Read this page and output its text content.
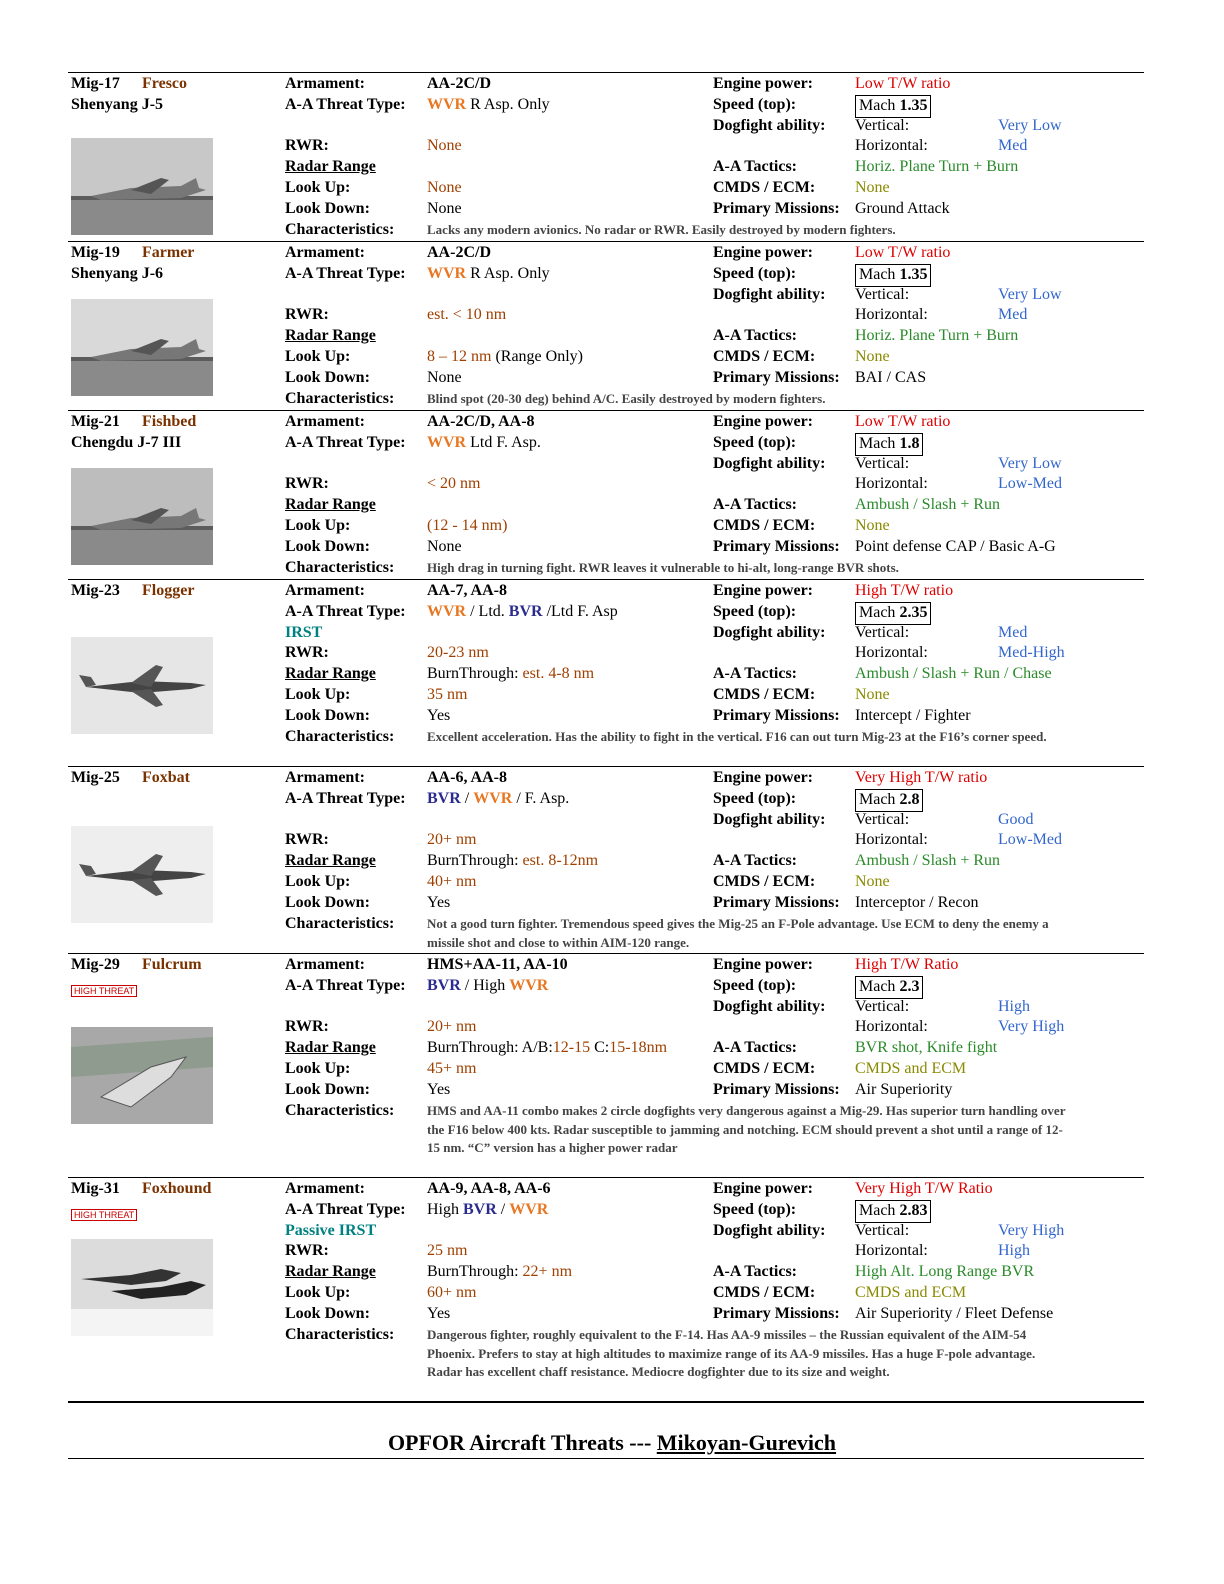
Mig-17 Fresco
Shenyang J-5
Armament:	AA-2C/D
A-A Threat Type: WVR R Asp. Only
RWR:	None
Radar Range
Look Up:	None
Look Down:	None
Characteristics:	Lacks any modern avionics. No radar or RWR. Easily destroyed by modern fighters.
Engine power:	Low T/W ratio
Speed (top):	Mach 1.35
Dogfight ability: Vertical:	Very Low
Horizontal:	Med
A-A Tactics:	Horiz. Plane Turn + Burn
CMDS / ECM: None
Primary Missions: Ground Attack
Mig-19 Farmer
Shenyang J-6
Armament:	AA-2C/D
A-A Threat Type: WVR R Asp. Only
RWR:	est. < 10 nm
Radar Range
Look Up:	8 – 12 nm (Range Only)
Look Down:	None
Characteristics:	Blind spot (20-30 deg) behind A/C. Easily destroyed by modern fighters.
Engine power:	Low T/W ratio
Speed (top):	Mach 1.35
Dogfight ability: Vertical:	Very Low
Horizontal:	Med
A-A Tactics:	Horiz. Plane Turn + Burn
CMDS / ECM: None
Primary Missions: BAI / CAS
Mig-21 Fishbed
Chengdu J-7 III
Armament:	AA-2C/D, AA-8
A-A Threat Type: WVR Ltd F. Asp.
RWR:	< 20 nm
Radar Range
Look Up:	(12 - 14 nm)
Look Down:	None
Characteristics:	High drag in turning fight. RWR leaves it vulnerable to hi-alt, long-range BVR shots.
Engine power:	Low T/W ratio
Speed (top):	Mach 1.8
Dogfight ability: Vertical:	Very Low
Horizontal:	Low-Med
A-A Tactics:	Ambush / Slash + Run
CMDS / ECM: None
Primary Missions: Point defense CAP / Basic A-G
Mig-23 Flogger	Armament:	AA-7, AA-8
A-A Threat Type: WVR / Ltd. BVR /Ltd F. Asp
IRST
RWR:	20-23 nm
Radar Range	BurnThrough: est. 4-8 nm
Look Up:	35 nm
Look Down:	Yes
Characteristics:	Excellent acceleration. Has the ability to fight in the vertical. F16 can out turn Mig-23 at the F16’s corner speed.
Engine power:	High T/W ratio
Speed (top):	Mach 2.35
Dogfight ability: Vertical:	Med
Horizontal:	Med-High
A-A Tactics:	Ambush / Slash + Run / Chase
CMDS / ECM: None
Primary Missions: Intercept / Fighter
Mig-25 Foxbat	Armament:	AA-6, AA-8
A-A Threat Type: BVR / WVR / F. Asp.
RWR:	20+ nm
Radar Range	BurnThrough: est. 8-12nm
Look Up:	40+ nm
Look Down:	Yes
Characteristics:	Not a good turn fighter. Tremendous speed gives the Mig-25 an F-Pole advantage. Use ECM to deny the enemy a missile shot and close to within AIM-120 range.
Engine power:	Very High T/W ratio
Speed (top):	Mach 2.8
Dogfight ability: Vertical:	Good
Horizontal:	Low-Med
A-A Tactics:	Ambush / Slash + Run
CMDS / ECM: None
Primary Missions: Interceptor / Recon
Mig-29 Fulcrum
HIGH THREAT
Armament:	HMS+AA-11, AA-10
A-A Threat Type: BVR / High WVR
RWR:	20+ nm
Radar Range	BurnThrough: A/B:12-15 C:15-18nm
Look Up:	45+ nm
Look Down:	Yes
Characteristics:	HMS and AA-11 combo makes 2 circle dogfights very dangerous against a Mig-29. Has superior turn handling over the F16 below 400 kts. Radar susceptible to jamming and notching. ECM should prevent a shot until a range of 12-15 nm. “C” version has a higher power radar
Engine power:	High T/W Ratio
Speed (top):	Mach 2.3
Dogfight ability: Vertical:	High
Horizontal:	Very High
A-A Tactics:	BVR shot, Knife fight
CMDS / ECM: CMDS and ECM
Primary Missions: Air Superiority
Mig-31 Foxhound
HIGH THREAT
Armament:	AA-9, AA-8, AA-6
A-A Threat Type: High BVR / WVR
Passive IRST
RWR:	25 nm
Radar Range	BurnThrough: 22+ nm
Look Up:	60+ nm
Look Down:	Yes
Characteristics:	Dangerous fighter, roughly equivalent to the F-14. Has AA-9 missiles – the Russian equivalent of the AIM-54 Phoenix. Prefers to stay at high altitudes to maximize range of its AA-9 missiles. Has a huge F-pole advantage. Radar has excellent chaff resistance. Mediocre dogfighter due to its size and weight.
Engine power:	Very High T/W Ratio
Speed (top):	Mach 2.83
Dogfight ability: Vertical:	Very High
Horizontal:	High
A-A Tactics:	High Alt. Long Range BVR
CMDS / ECM: CMDS and ECM
Primary Missions: Air Superiority / Fleet Defense
OPFOR Aircraft Threats --- Mikoyan-Gurevich
